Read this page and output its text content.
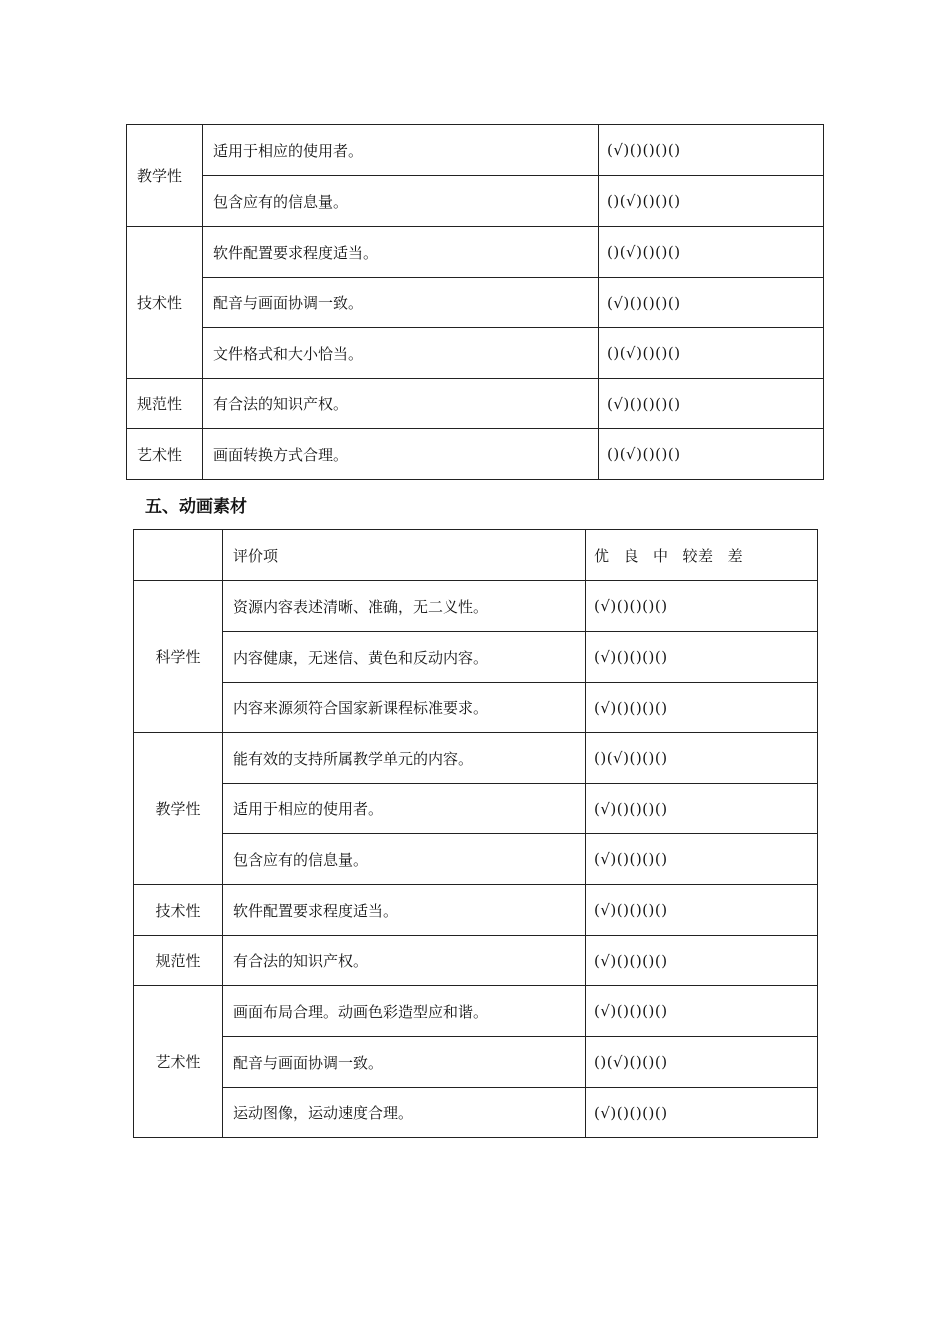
教学性	适用于相应的使用者。	(√)()()()()
	包含应有的信息量。	()(√)()()()
技术性	软件配置要求程度适当。	()(√)()()()
	配音与画面协调一致。	(√)()()()()
	文件格式和大小恰当。	()(√)()()()
规范性	有合法的知识产权。	(√)()()()()
艺术性	画面转换方式合理。	()(√)()()()
五、动画素材
	评价项	优 良 中 较差 差
科学性	资源内容表述清晰、准确，无二义性。	(√)()()()()
	内容健康，无迷信、黄色和反动内容。	(√)()()()()
	内容来源须符合国家新课程标准要求。	(√)()()()()
教学性	能有效的支持所属教学单元的内容。	()(√)()()()
	适用于相应的使用者。	(√)()()()()
	包含应有的信息量。	(√)()()()()
技术性	软件配置要求程度适当。	(√)()()()()
规范性	有合法的知识产权。	(√)()()()()
艺术性	画面布局合理。动画色彩造型应和谐。	(√)()()()()
	配音与画面协调一致。	()(√)()()()
	运动图像，运动速度合理。	(√)()()()()
